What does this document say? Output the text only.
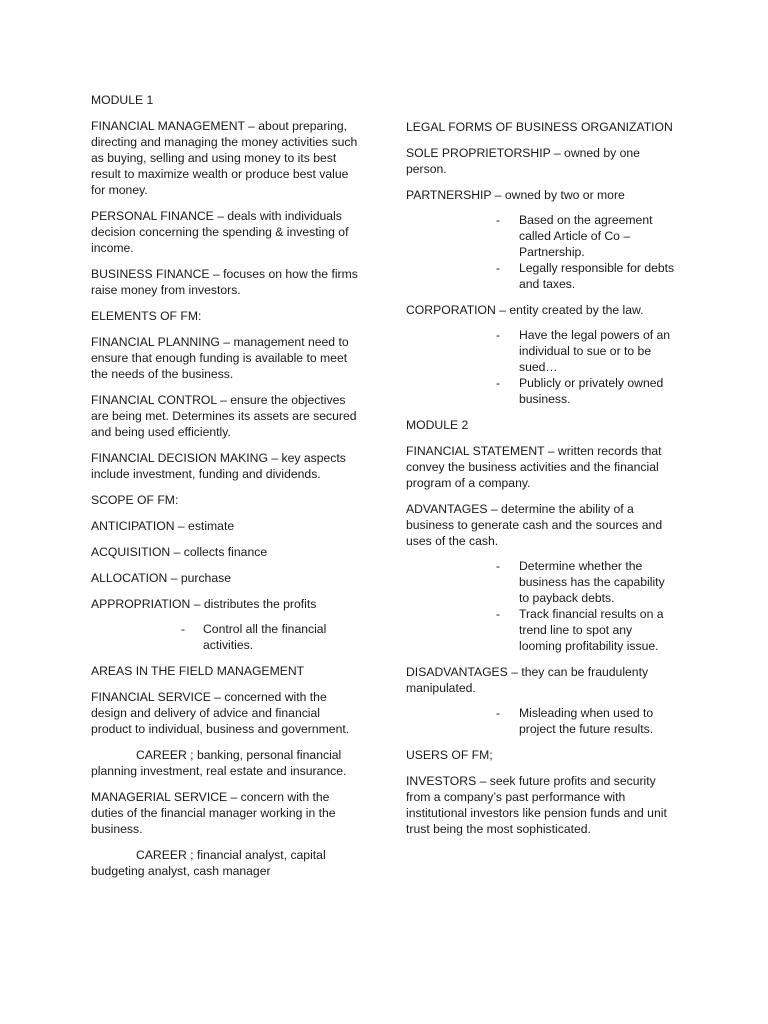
MODULE 1

FINANCIAL MANAGEMENT – about preparing, directing and managing the money activities such as buying, selling and using money to its best result to maximize wealth or produce best value for money.

PERSONAL FINANCE – deals with individuals decision concerning the spending & investing of income.

BUSINESS FINANCE – focuses on how the firms raise money from investors.

ELEMENTS OF FM:

FINANCIAL PLANNING – management need to ensure that enough funding is available to meet the needs of the business.

FINANCIAL CONTROL – ensure the objectives are being met. Determines its assets are secured and being used efficiently.

FINANCIAL DECISION MAKING – key aspects include investment, funding and dividends.

SCOPE OF FM:

ANTICIPATION – estimate

ACQUISITION – collects finance

ALLOCATION – purchase

APPROPRIATION – distributes the profits

- Control all the financial activities.

AREAS IN THE FIELD MANAGEMENT

FINANCIAL SERVICE – concerned with the design and delivery of advice and financial product to individual, business and government.

CAREER ; banking, personal financial planning investment, real estate and insurance.

MANAGERIAL SERVICE – concern with the duties of the financial manager working in the business.

CAREER ; financial analyst, capital budgeting analyst, cash manager

LEGAL FORMS OF BUSINESS ORGANIZATION

SOLE PROPRIETORSHIP – owned by one person.

PARTNERSHIP – owned by two or more

- Based on the agreement called Article of Co – Partnership.
- Legally responsible for debts and taxes.

CORPORATION – entity created by the law.

- Have the legal powers of an individual to sue or to be sued…
- Publicly or privately owned business.

MODULE 2

FINANCIAL STATEMENT – written records that convey the business activities and the financial program of a company.

ADVANTAGES – determine the ability of a business to generate cash and the sources and uses of the cash.

- Determine whether the business has the capability to payback debts.
- Track financial results on a trend line to spot any looming profitability issue.

DISADVANTAGES – they can be fraudulenty manipulated.

- Misleading when used to project the future results.

USERS OF FM;

INVESTORS – seek future profits and security from a company’s past performance with institutional investors like pension funds and unit trust being the most sophisticated.
